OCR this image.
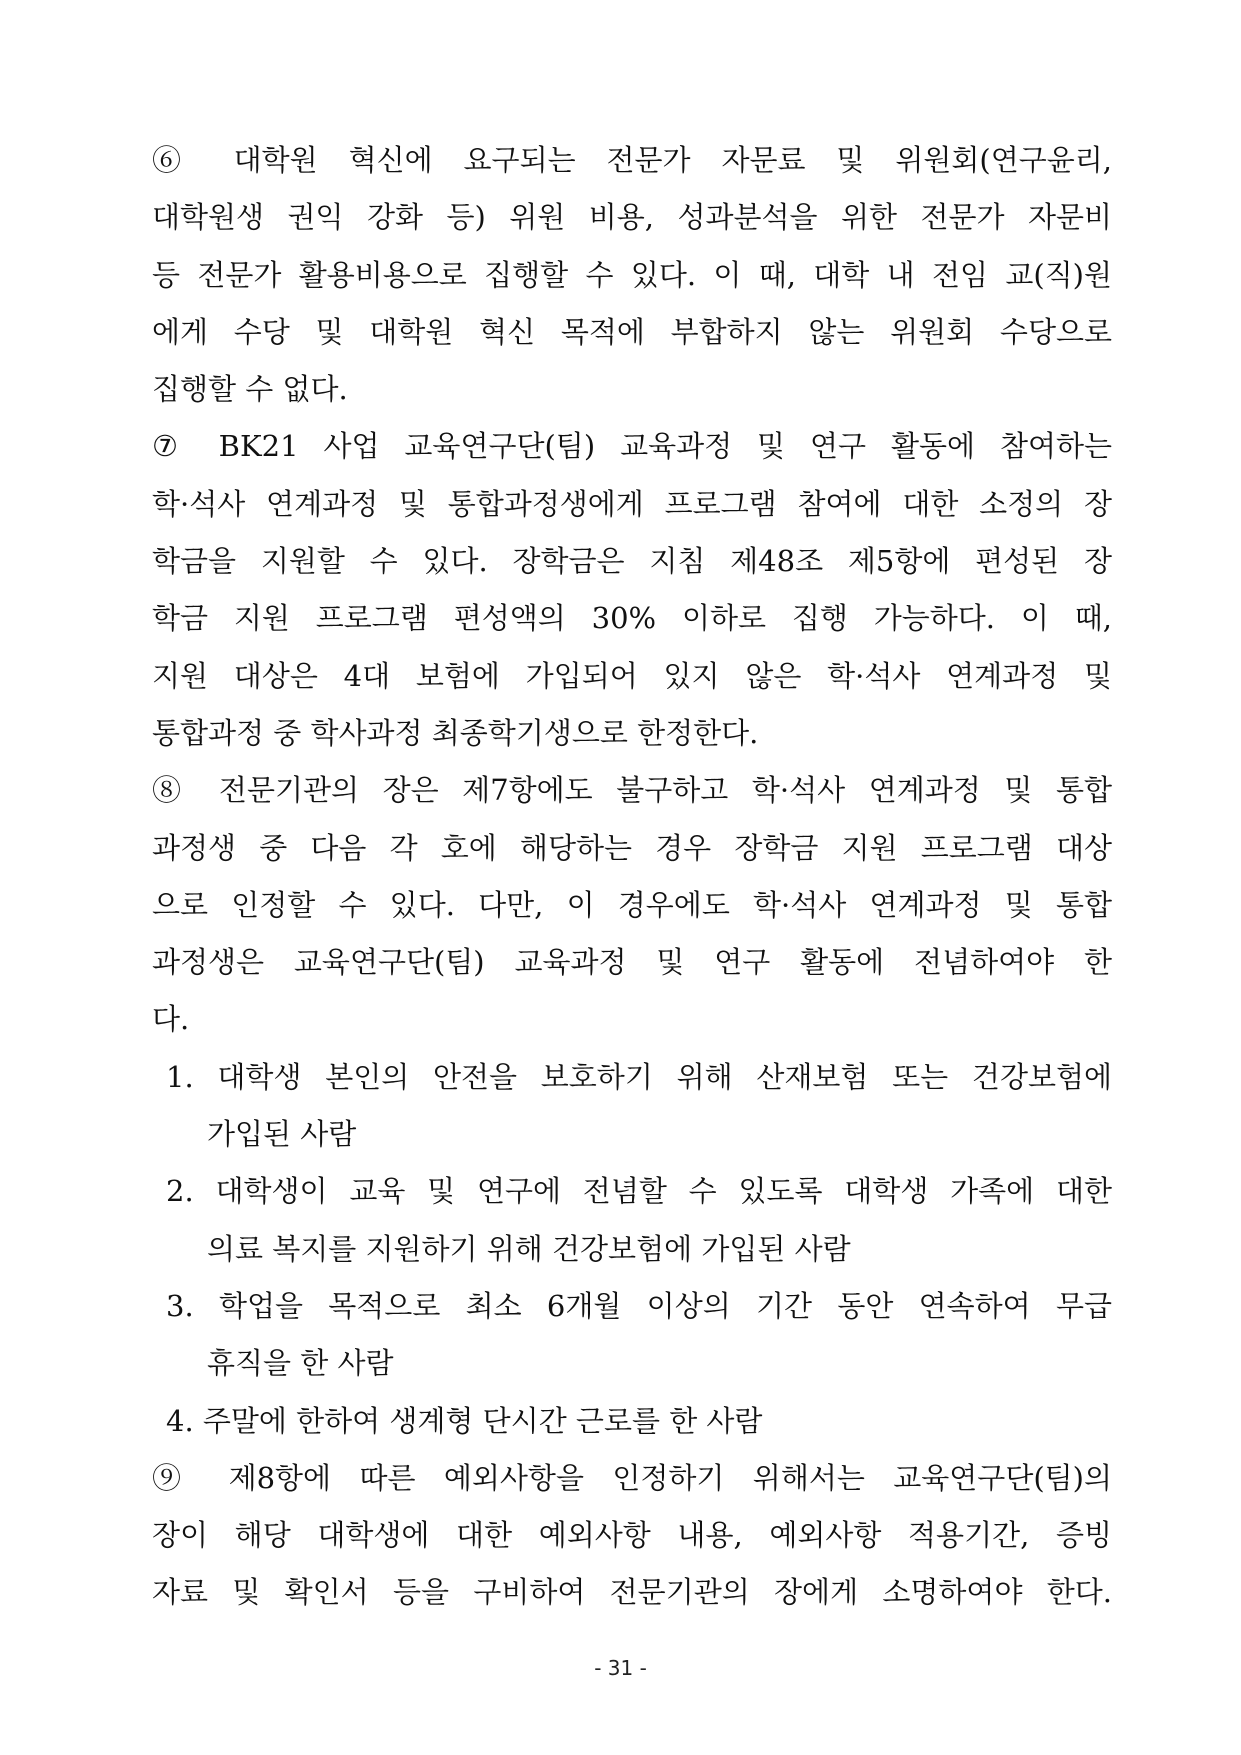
⑥ 대학원 혁신에 요구되는 전문가 자문료 및 위원회(연구윤리,
대학원생 권익 강화 등) 위원 비용, 성과분석을 위한 전문가 자문비
등 전문가 활용비용으로 집행할 수 있다. 이 때, 대학 내 전임 교(직)원
에게 수당 및 대학원 혁신 목적에 부합하지 않는 위원회 수당으로
집행할 수 없다.
⑦ BK21 사업 교육연구단(팀) 교육과정 및 연구 활동에 참여하는
학·석사 연계과정 및 통합과정생에게 프로그램 참여에 대한 소정의 장
학금을 지원할 수 있다. 장학금은 지침 제48조 제5항에 편성된 장
학금 지원 프로그램 편성액의 30% 이하로 집행 가능하다. 이 때,
지원 대상은 4대 보험에 가입되어 있지 않은 학·석사 연계과정 및
통합과정 중 학사과정 최종학기생으로 한정한다.
⑧ 전문기관의 장은 제7항에도 불구하고 학·석사 연계과정 및 통합
과정생 중 다음 각 호에 해당하는 경우 장학금 지원 프로그램 대상
으로 인정할 수 있다. 다만, 이 경우에도 학·석사 연계과정 및 통합
과정생은 교육연구단(팀) 교육과정 및 연구 활동에 전념하여야 한
다.
1. 대학생 본인의 안전을 보호하기 위해 산재보험 또는 건강보험에
가입된 사람
2. 대학생이 교육 및 연구에 전념할 수 있도록 대학생 가족에 대한
의료 복지를 지원하기 위해 건강보험에 가입된 사람
3. 학업을 목적으로 최소 6개월 이상의 기간 동안 연속하여 무급
휴직을 한 사람
4. 주말에 한하여 생계형 단시간 근로를 한 사람
⑨ 제8항에 따른 예외사항을 인정하기 위해서는 교육연구단(팀)의
장이 해당 대학생에 대한 예외사항 내용, 예외사항 적용기간, 증빙
자료 및 확인서 등을 구비하여 전문기관의 장에게 소명하여야 한다.
- 31 -
